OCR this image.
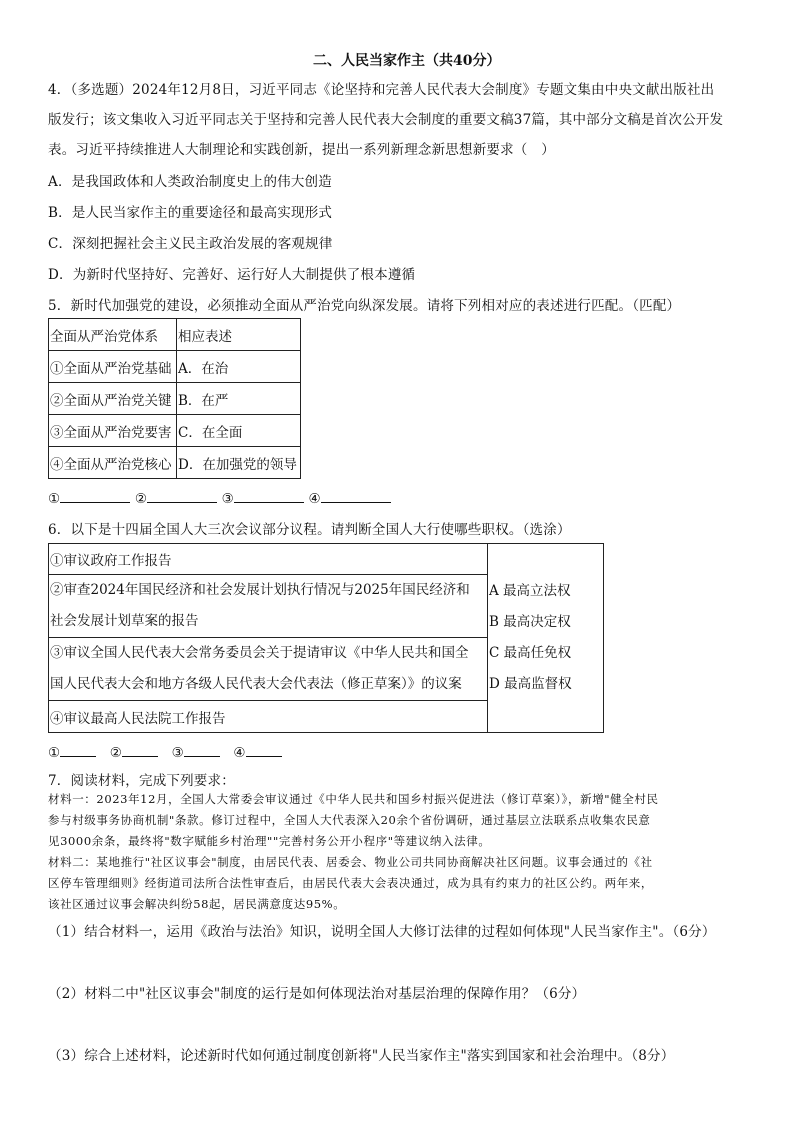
二、人民当家作主（共40分）
4．（多选题）2024年12月8日，习近平同志《论坚持和完善人民代表大会制度》专题文集由中央文献出版社出
版发行；该文集收入习近平同志关于坚持和完善人民代表大会制度的重要文稿37篇，其中部分文稿是首次公开发
表。习近平持续推进人大制理论和实践创新，提出一系列新理念新思想新要求（　）
A．是我国政体和人类政治制度史上的伟大创造
B．是人民当家作主的重要途径和最高实现形式
C．深刻把握社会主义民主政治发展的客观规律
D．为新时代坚持好、完善好、运行好人大制提供了根本遵循
5．新时代加强党的建设，必须推动全面从严治党向纵深发展。请将下列相对应的表述进行匹配。（匹配）
全面从严治党体系	相应表述
①全面从严治党基础	A．在治
②全面从严治党关键	B．在严
③全面从严治党要害	C．在全面
④全面从严治党核心	D．在加强党的领导
①	②	③	④
6．以下是十四届全国人大三次会议部分议程。请判断全国人大行使哪些职权。（选涂）
①审议政府工作报告	
A 最高立法权
B 最高决定权
C 最高任免权
D 最高监督权

②审查2024年国民经济和社会发展计划执行情况与2025年国民经济和
社会发展计划草案的报告

③审议全国人民代表大会常务委员会关于提请审议《中华人民共和国全
国人民代表大会和地方各级人民代表大会代表法（修正草案）》的议案

④审议最高人民法院工作报告
①	②	③	④
7．阅读材料，完成下列要求：
材料一：2023年12月，全国人大常委会审议通过《中华人民共和国乡村振兴促进法（修订草案）》，新增"健全村民
参与村级事务协商机制"条款。修订过程中，全国人大代表深入20余个省份调研，通过基层立法联系点收集农民意
见3000余条，最终将"数字赋能乡村治理""完善村务公开小程序"等建议纳入法律。
材料二：某地推行"社区议事会"制度，由居民代表、居委会、物业公司共同协商解决社区问题。议事会通过的《社
区停车管理细则》经街道司法所合法性审查后，由居民代表大会表决通过，成为具有约束力的社区公约。两年来，
该社区通过议事会解决纠纷58起，居民满意度达95%。
（1）结合材料一，运用《政治与法治》知识，说明全国人大修订法律的过程如何体现"人民当家作主"。（6分）
（2）材料二中"社区议事会"制度的运行是如何体现法治对基层治理的保障作用？（6分）
（3）综合上述材料，论述新时代如何通过制度创新将"人民当家作主"落实到国家和社会治理中。（8分）
